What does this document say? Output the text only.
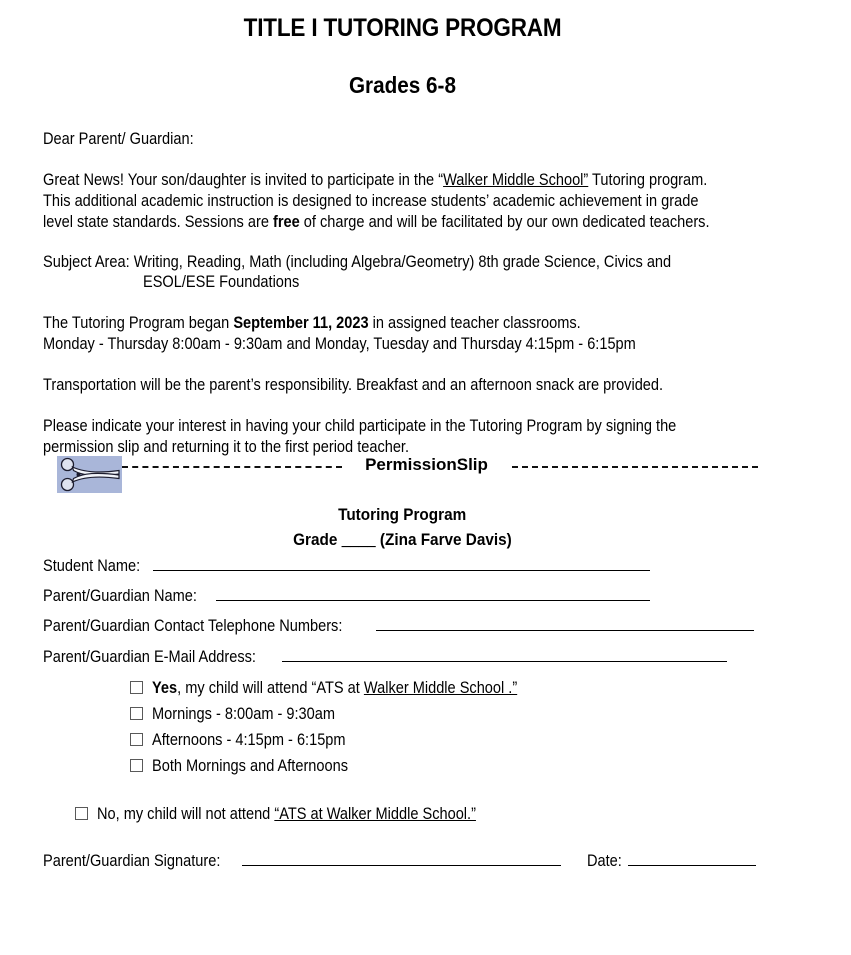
TITLE I TUTORING PROGRAM
Grades 6-8
Dear Parent/ Guardian:
Great News! Your son/daughter is invited to participate in the “Walker Middle School” Tutoring program.
This additional academic instruction is designed to increase students’ academic achievement in grade
level state standards. Sessions are free of charge and will be facilitated by our own dedicated teachers.
Subject Area: Writing, Reading, Math (including Algebra/Geometry) 8th grade Science, Civics and
ESOL/ESE Foundations
The Tutoring Program began September 11, 2023 in assigned teacher classrooms.
Monday - Thursday 8:00am - 9:30am and Monday, Tuesday and Thursday 4:15pm - 6:15pm
Transportation will be the parent’s responsibility. Breakfast and an afternoon snack are provided.
Please indicate your interest in having your child participate in the Tutoring Program by signing the
permission slip and returning it to the first period teacher.
PermissionSlip
Tutoring Program
Grade ____ (Zina Farve Davis)
Student Name:
Parent/Guardian Name:
Parent/Guardian Contact Telephone Numbers:
Parent/Guardian E-Mail Address:
Yes, my child will attend “ATS at Walker Middle School .”
Mornings - 8:00am - 9:30am
Afternoons - 4:15pm - 6:15pm
Both Mornings and Afternoons
No, my child will not attend “ATS at Walker Middle School.”
Parent/Guardian Signature:	Date:
